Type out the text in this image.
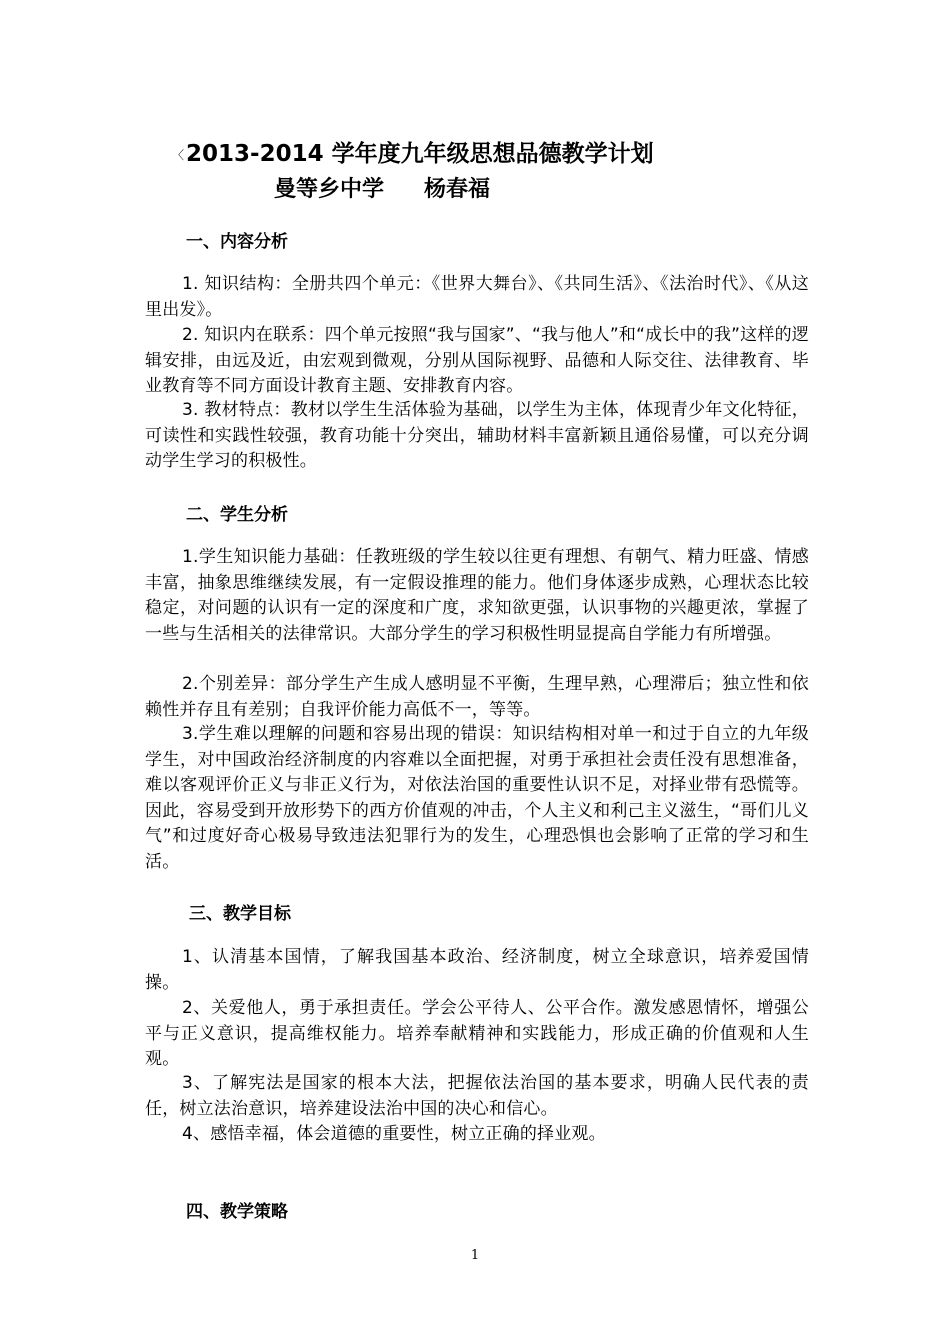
〈2013-2014 学年度九年级思想品德教学计划
曼等乡中学 杨春福
一、内容分析
1. 知识结构：全册共四个单元：《世界大舞台》、《共同生活》、《法治时代》、《从这里出发》。
2. 知识内在联系：四个单元按照“我与国家”、“我与他人”和“成长中的我”这样的逻辑安排，由远及近，由宏观到微观，分别从国际视野、品德和人际交往、法律教育、毕业教育等不同方面设计教育主题、安排教育内容。
3. 教材特点：教材以学生生活体验为基础，以学生为主体，体现青少年文化特征，可读性和实践性较强，教育功能十分突出，辅助材料丰富新颖且通俗易懂，可以充分调动学生学习的积极性。
二、学生分析
1.学生知识能力基础：任教班级的学生较以往更有理想、有朝气、精力旺盛、情感丰富，抽象思维继续发展，有一定假设推理的能力。他们身体逐步成熟，心理状态比较稳定，对问题的认识有一定的深度和广度，求知欲更强，认识事物的兴趣更浓，掌握了一些与生活相关的法律常识。大部分学生的学习积极性明显提高自学能力有所增强。
2.个别差异：部分学生产生成人感明显不平衡，生理早熟，心理滞后；独立性和依赖性并存且有差别；自我评价能力高低不一，等等。
3.学生难以理解的问题和容易出现的错误：知识结构相对单一和过于自立的九年级学生，对中国政治经济制度的内容难以全面把握，对勇于承担社会责任没有思想准备，难以客观评价正义与非正义行为，对依法治国的重要性认识不足，对择业带有恐慌等。因此，容易受到开放形势下的西方价值观的冲击，个人主义和利己主义滋生，“哥们儿义气”和过度好奇心极易导致违法犯罪行为的发生，心理恐惧也会影响了正常的学习和生活。
三、教学目标
1、认清基本国情，了解我国基本政治、经济制度，树立全球意识，培养爱国情操。
2、关爱他人，勇于承担责任。学会公平待人、公平合作。激发感恩情怀，增强公平与正义意识，提高维权能力。培养奉献精神和实践能力，形成正确的价值观和人生观。
3、了解宪法是国家的根本大法，把握依法治国的基本要求，明确人民代表的责任，树立法治意识，培养建设法治中国的决心和信心。
4、感悟幸福，体会道德的重要性，树立正确的择业观。
四、教学策略
1
